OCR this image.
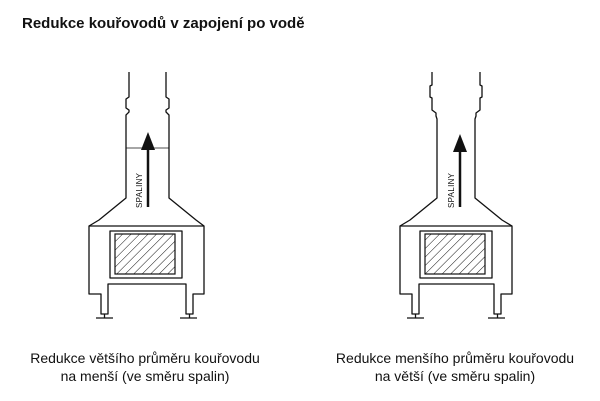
Redukce kouřovodů v zapojení po vodě
SPALINY
Redukce většího průměru kouřovodu
na menší (ve směru spalin)
SPALINY
Redukce menšího průměru kouřovodu
na větší (ve směru spalin)
